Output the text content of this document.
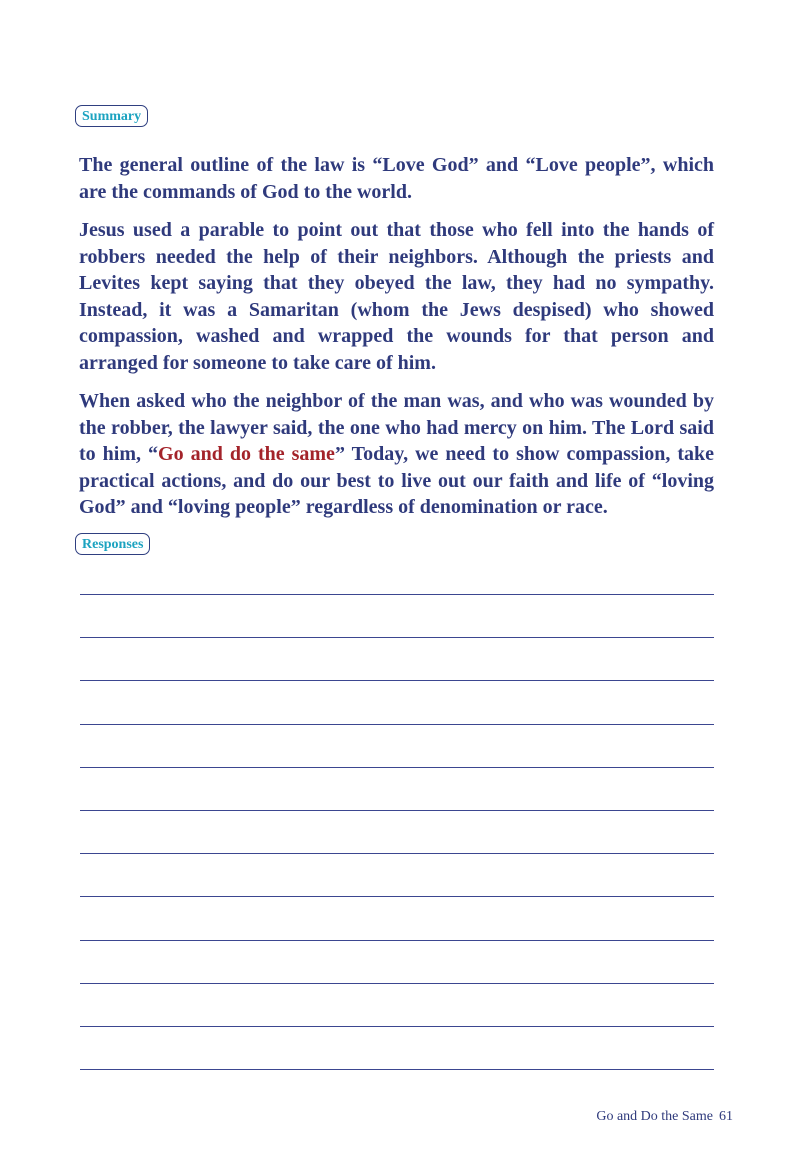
Summary

The general outline of the law is “Love God” and “Love people”, which are the commands of God to the world.

Jesus used a parable to point out that those who fell into the hands of robbers needed the help of their neighbors. Although the priests and Levites kept saying that they obeyed the law, they had no sympathy. Instead, it was a Samaritan (whom the Jews despised) who showed compassion, washed and wrapped the wounds for that person and arranged for someone to take care of him.

When asked who the neighbor of the man was, and who was wounded by the robber, the lawyer said, the one who had mercy on him. The Lord said to him, “Go and do the same” Today, we need to show compassion, take practical actions, and do our best to live out our faith and life of “loving God” and “loving people” regardless of denomination or race.

Responses
Go and Do the Same 61
